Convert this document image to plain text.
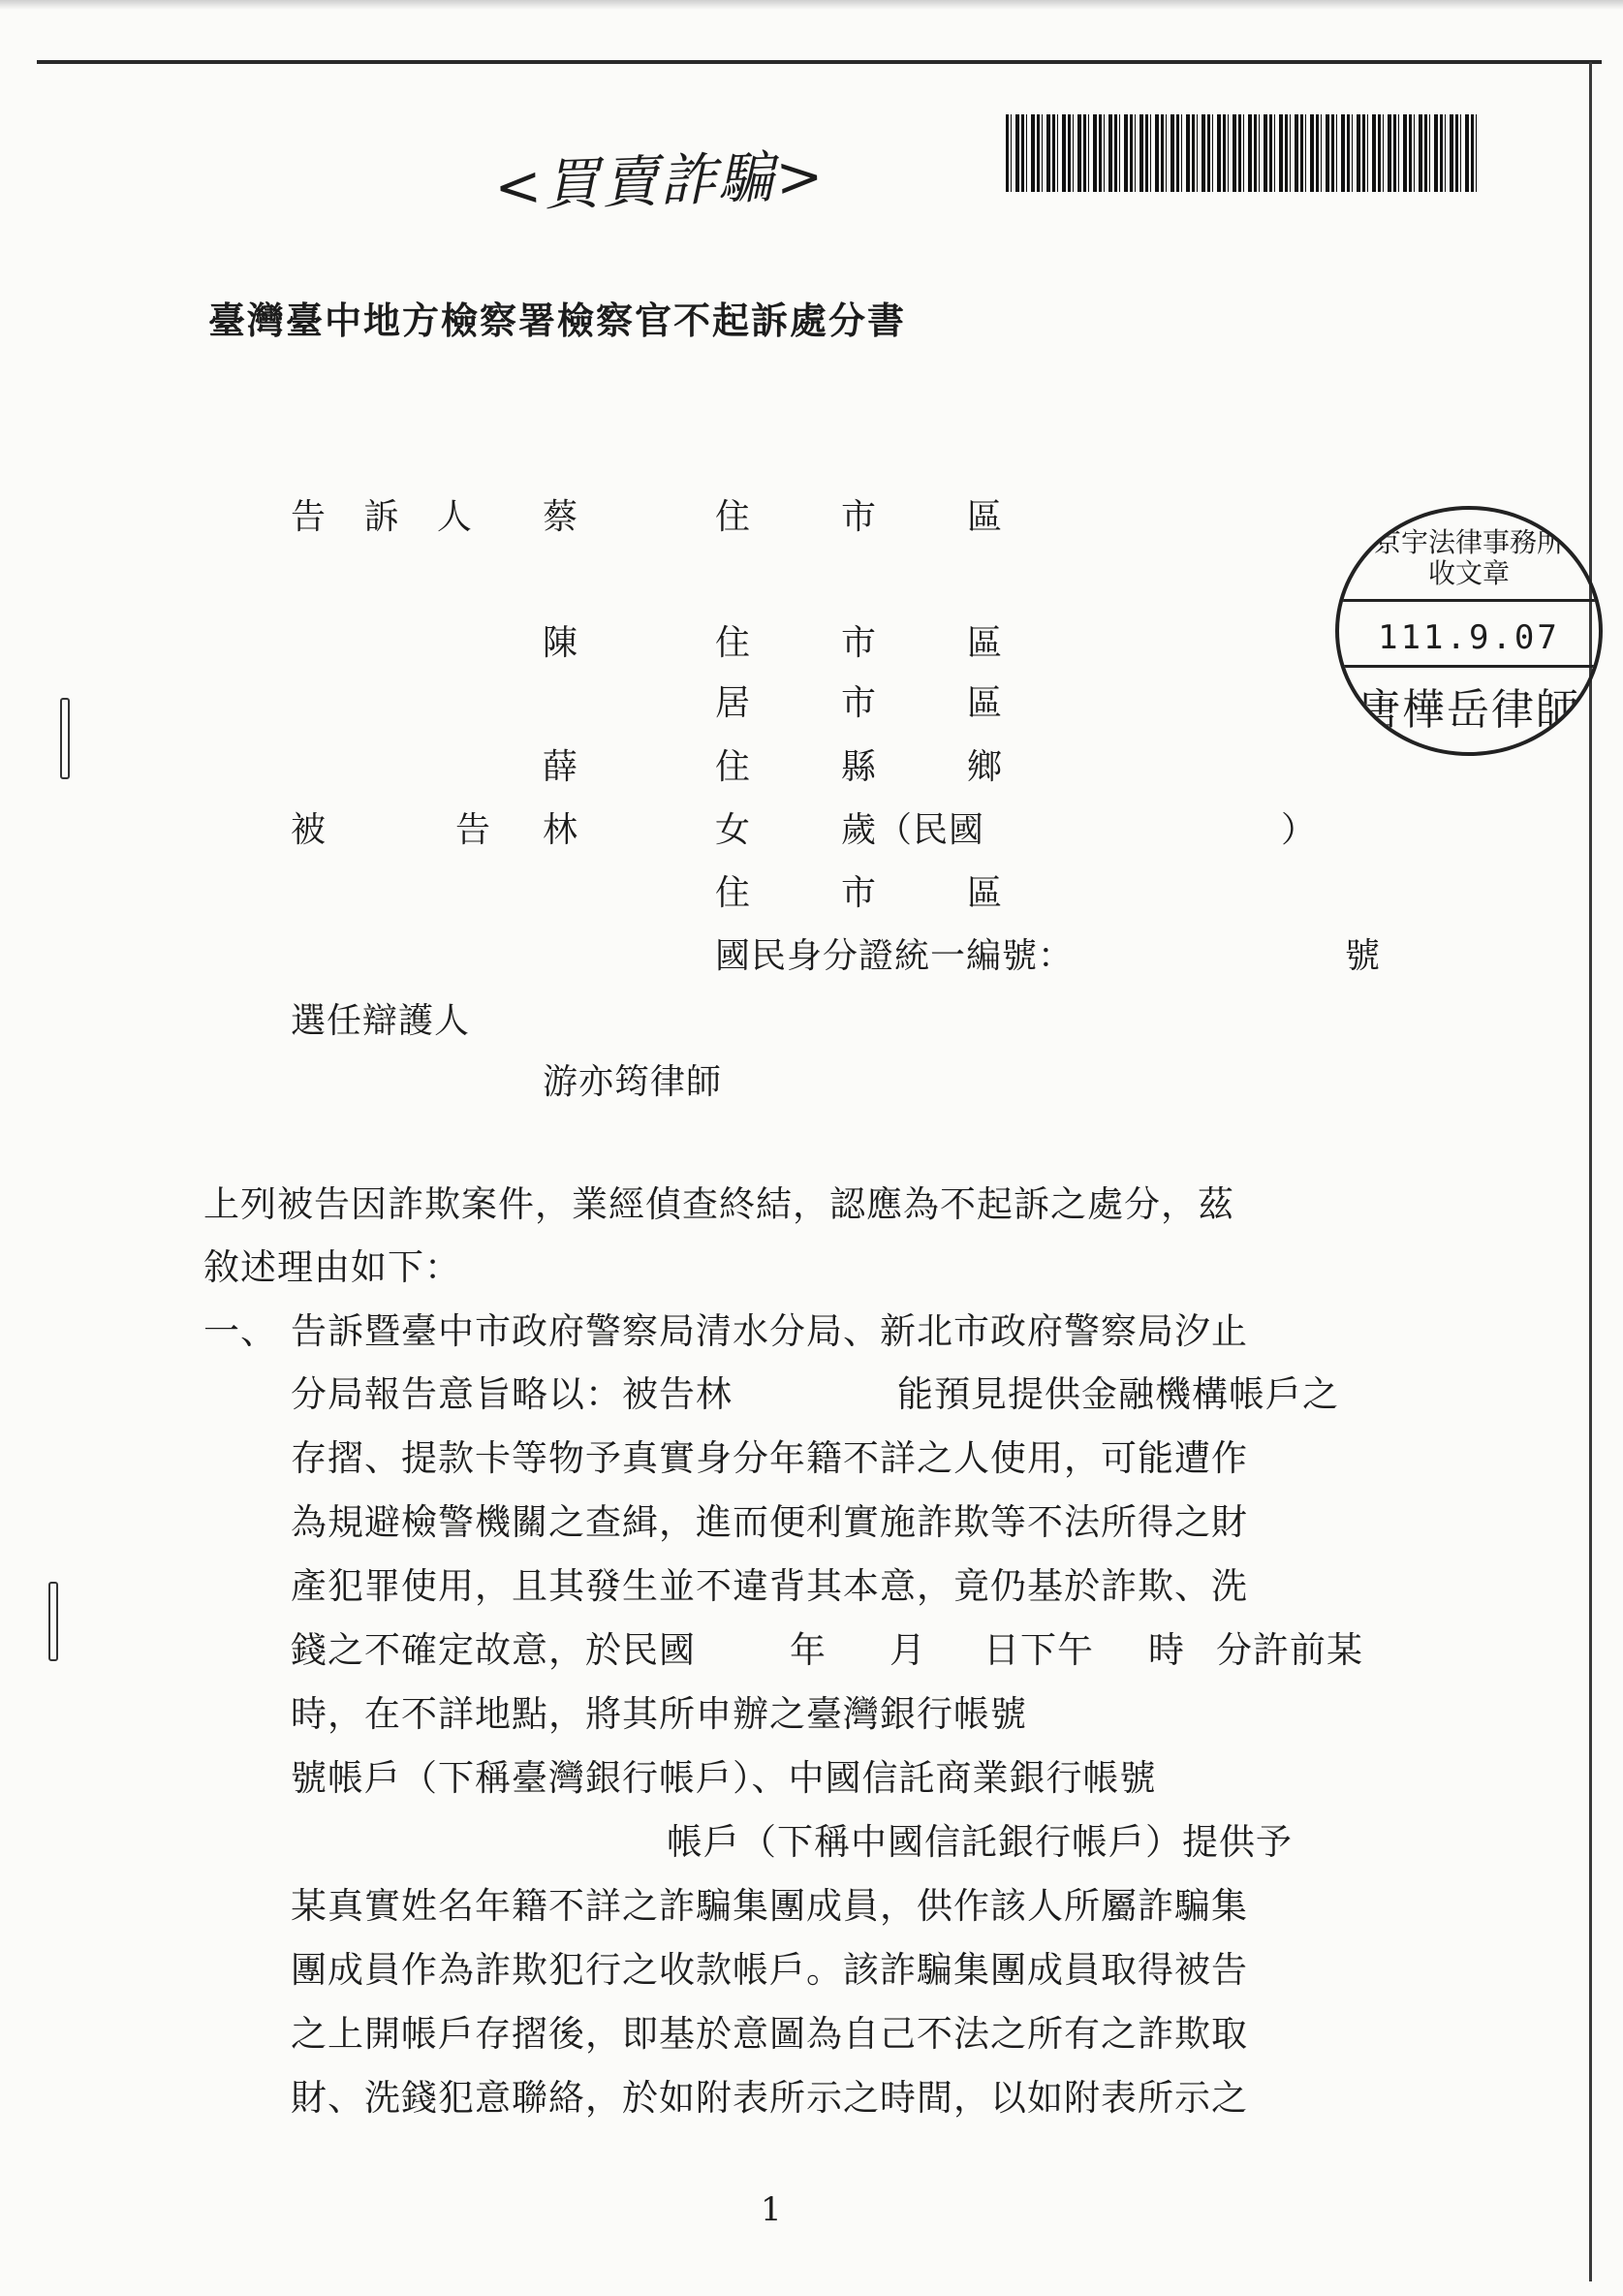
<買賣詐騙>
臺灣臺中地方檢察署檢察官不起訴處分書
告 訴 人 蔡	住	市	區
陳	住	市	區
居	市	區
薛	住	縣	鄉
被	告 林	女	歲（民國	）
住	市	區
國民身分證統一編號：	號
選任辯護人
游亦筠律師
京宇法律事務所
收文章
111.9.07
唐樺岳律師
上列被告因詐欺案件，業經偵查終結，認應為不起訴之處分，茲
敘述理由如下：
一、 告訴暨臺中市政府警察局清水分局、新北市政府警察局汐止
分局報告意旨略以：被告林	能預見提供金融機構帳戶之
存摺、提款卡等物予真實身分年籍不詳之人使用，可能遭作
為規避檢警機關之查緝，進而便利實施詐欺等不法所得之財
產犯罪使用，且其發生並不違背其本意，竟仍基於詐欺、洗
錢之不確定故意，於民國	年 月 日下午 時 分許前某
時，在不詳地點，將其所申辦之臺灣銀行帳號
號帳戶（下稱臺灣銀行帳戶）、中國信託商業銀行帳號
帳戶（下稱中國信託銀行帳戶）提供予
某真實姓名年籍不詳之詐騙集團成員，供作該人所屬詐騙集
團成員作為詐欺犯行之收款帳戶。該詐騙集團成員取得被告
之上開帳戶存摺後，即基於意圖為自己不法之所有之詐欺取
財、洗錢犯意聯絡，於如附表所示之時間，以如附表所示之
1
